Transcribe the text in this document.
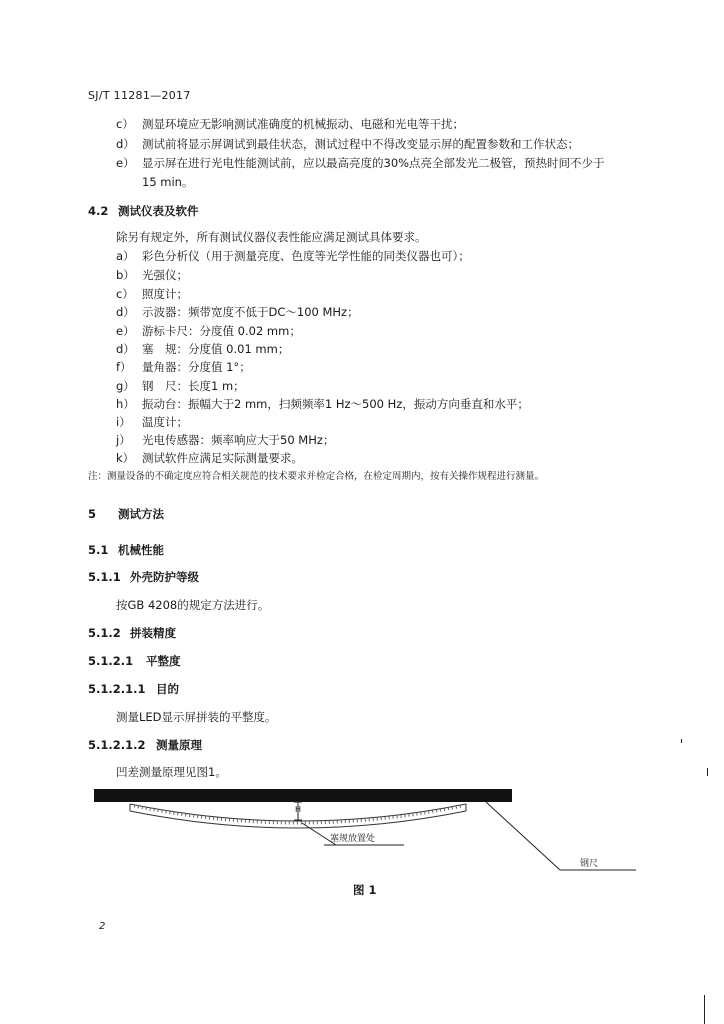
SJ/T 11281—2017
c） 测显环境应无影响测试准确度的机械振动、电磁和光电等干扰；
d） 测试前将显示屏调试到最佳状态，测试过程中不得改变显示屏的配置参数和工作状态；
e） 显示屏在进行光电性能测试前，应以最高亮度的30%点亮全部发光二极管，预热时间不少于
15 min。
4.2 测试仪表及软件
除另有规定外，所有测试仪器仪表性能应满足测试具体要求。
a） 彩色分析仪（用于测量亮度、色度等光学性能的同类仪器也可）；
b） 光强仪；
c） 照度计；
d） 示波器：频带宽度不低于DC～100 MHz；
e） 游标卡尺：分度值 0.02 mm；
d） 塞　规：分度值 0.01 mm；
f） 量角器：分度值 1°；
g） 钢　尺：长度1 m；
h） 振动台：振幅大于2 mm，扫频频率1 Hz～500 Hz，振动方向垂直和水平；
i） 温度计；
j） 光电传感器：频率响应大于50 MHz；
k） 测试软件应满足实际测量要求。
注：测量设备的不确定度应符合相关规范的技术要求并检定合格，在检定周期内，按有关操作规程进行测量。
5 测试方法
5.1 机械性能
5.1.1 外壳防护等级
按GB 4208的规定方法进行。
5.1.2 拼装精度
5.1.2.1 平整度
5.1.2.1.1 目的
测量LED显示屏拼装的平整度。
5.1.2.1.2 测量原理
凹差测量原理见图1。
H
塞规放置处
钢尺
图 1
2
